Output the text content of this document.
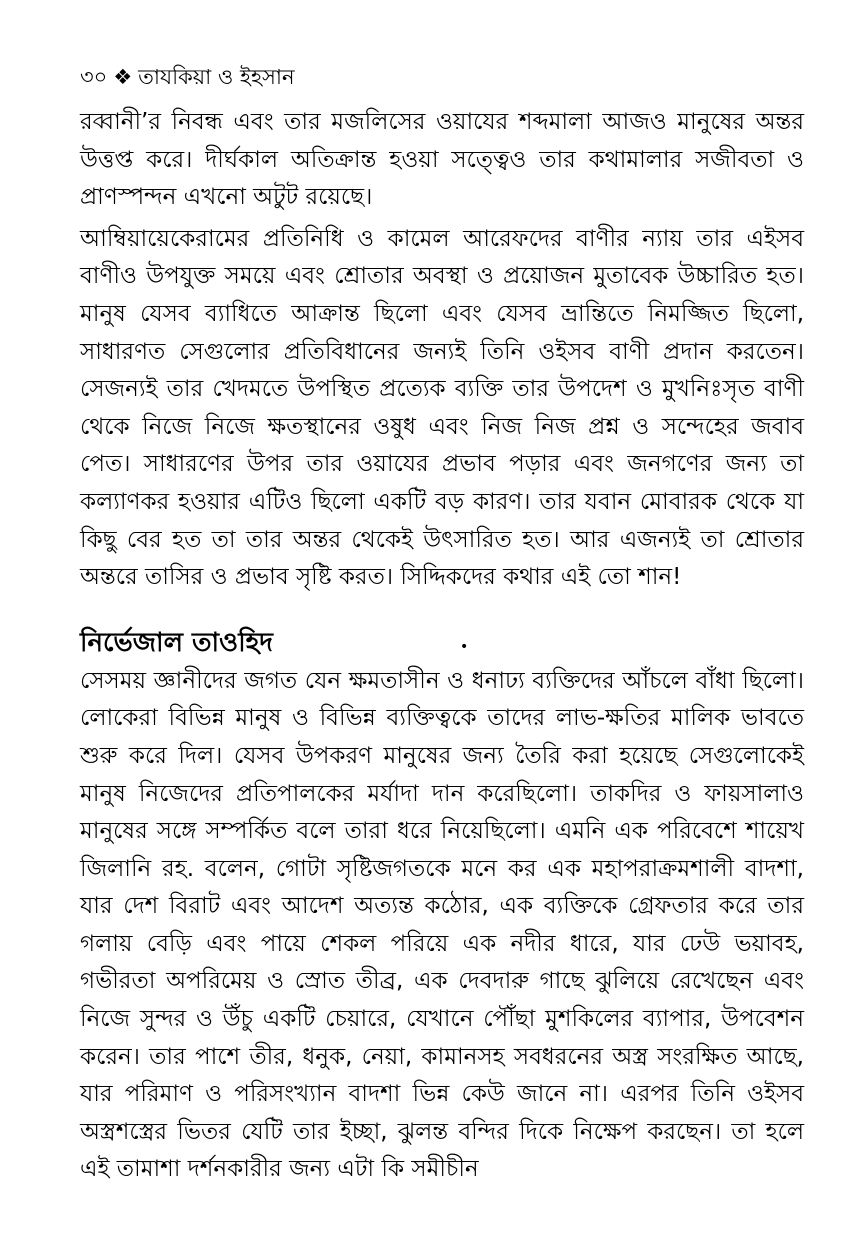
৩০ ❖ তাযকিয়া ও ইহসান

রব্বানী’র নিবন্ধ এবং তার মজলিসের ওয়াযের শব্দমালা আজও মানুষের অন্তর উত্তপ্ত করে। দীর্ঘকাল অতিক্রান্ত হওয়া সত্ত্বেও তার কথামালার সজীবতা ও প্রাণস্পন্দন এখনো অটুট রয়েছে।

আম্বিয়ায়েকেরামের প্রতিনিধি ও কামেল আরেফদের বাণীর ন্যায় তার এইসব বাণীও উপযুক্ত সময়ে এবং শ্রোতার অবস্থা ও প্রয়োজন মুতাবেক উচ্চারিত হত। মানুষ যেসব ব্যাধিতে আক্রান্ত ছিলো এবং যেসব ভ্রান্তিতে নিমজ্জিত ছিলো, সাধারণত সেগুলোর প্রতিবিধানের জন্যই তিনি ওইসব বাণী প্রদান করতেন। সেজন্যই তার খেদমতে উপস্থিত প্রত্যেক ব্যক্তি তার উপদেশ ও মুখনিঃসৃত বাণী থেকে নিজে নিজে ক্ষতস্থানের ওষুধ এবং নিজ নিজ প্রশ্ন ও সন্দেহের জবাব পেত। সাধারণের উপর তার ওয়াযের প্রভাব পড়ার এবং জনগণের জন্য তা কল্যাণকর হওয়ার এটিও ছিলো একটি বড় কারণ। তার যবান মোবারক থেকে যা কিছু বের হত তা তার অন্তর থেকেই উৎসারিত হত। আর এজন্যই তা শ্রোতার অন্তরে তাসির ও প্রভাব সৃষ্টি করত। সিদ্দিকদের কথার এই তো শান!

নির্ভেজাল তাওহিদ	•

সেসময় জ্ঞানীদের জগত যেন ক্ষমতাসীন ও ধনাঢ্য ব্যক্তিদের আঁচলে বাঁধা ছিলো। লোকেরা বিভিন্ন মানুষ ও বিভিন্ন ব্যক্তিত্বকে তাদের লাভ-ক্ষতির মালিক ভাবতে শুরু করে দিল। যেসব উপকরণ মানুষের জন্য তৈরি করা হয়েছে সেগুলোকেই মানুষ নিজেদের প্রতিপালকের মর্যাদা দান করেছিলো। তাকদির ও ফায়সালাও মানুষের সঙ্গে সম্পর্কিত বলে তারা ধরে নিয়েছিলো। এমনি এক পরিবেশে শায়েখ জিলানি রহ. বলেন, গোটা সৃষ্টিজগতকে মনে কর এক মহাপরাক্রমশালী বাদশা, যার দেশ বিরাট এবং আদেশ অত্যন্ত কঠোর, এক ব্যক্তিকে গ্রেফতার করে তার গলায় বেড়ি এবং পায়ে শেকল পরিয়ে এক নদীর ধারে, যার ঢেউ ভয়াবহ, গভীরতা অপরিমেয় ও স্রোত তীব্র, এক দেবদারু গাছে ঝুলিয়ে রেখেছেন এবং নিজে সুন্দর ও উঁচু একটি চেয়ারে, যেখানে পৌঁছা মুশকিলের ব্যাপার, উপবেশন করেন। তার পাশে তীর, ধনুক, নেয়া, কামানসহ সবধরনের অস্ত্র সংরক্ষিত আছে, যার পরিমাণ ও পরিসংখ্যান বাদশা ভিন্ন কেউ জানে না। এরপর তিনি ওইসব অস্ত্রশস্ত্রের ভিতর যেটি তার ইচ্ছা, ঝুলন্ত বন্দির দিকে নিক্ষেপ করছেন। তা হলে এই তামাশা দর্শনকারীর জন্য এটা কি সমীচীন
